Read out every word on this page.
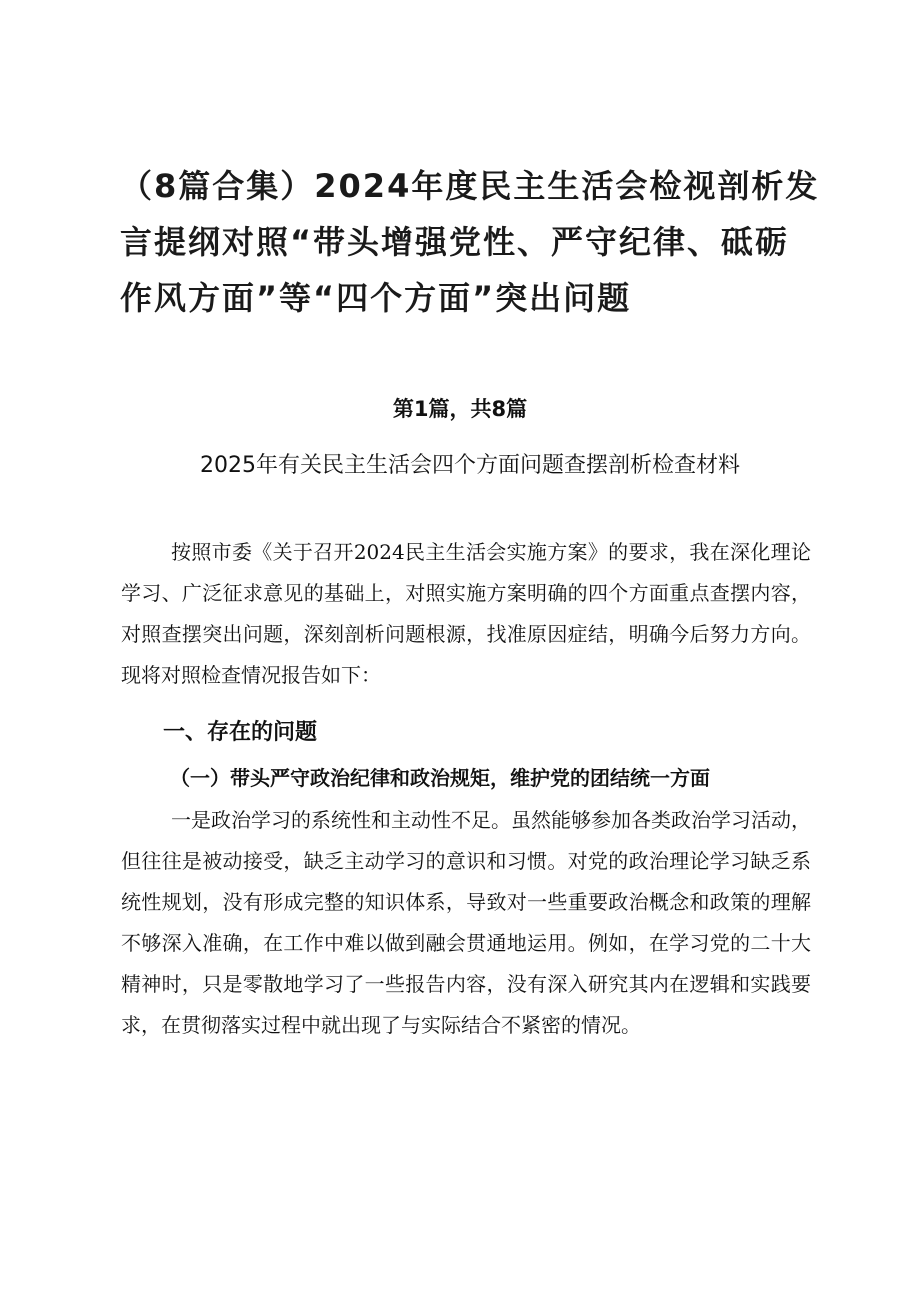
（8篇合集）2024年度民主生活会检视剖析发言提纲对照“带头增强党性、严守纪律、砥砺作风方面”等“四个方面”突出问题

第1篇，共8篇

2025年有关民主生活会四个方面问题查摆剖析检查材料

按照市委《关于召开2024民主生活会实施方案》的要求，我在深化理论学习、广泛征求意见的基础上，对照实施方案明确的四个方面重点查摆内容，对照查摆突出问题，深刻剖析问题根源，找准原因症结，明确今后努力方向。现将对照检查情况报告如下：

一、存在的问题
（一）带头严守政治纪律和政治规矩，维护党的团结统一方面

一是政治学习的系统性和主动性不足。虽然能够参加各类政治学习活动，但往往是被动接受，缺乏主动学习的意识和习惯。对党的政治理论学习缺乏系统性规划，没有形成完整的知识体系，导致对一些重要政治概念和政策的理解不够深入准确，在工作中难以做到融会贯通地运用。例如，在学习党的二十大精神时，只是零散地学习了一些报告内容，没有深入研究其内在逻辑和实践要求，在贯彻落实过程中就出现了与实际结合不紧密的情况。
